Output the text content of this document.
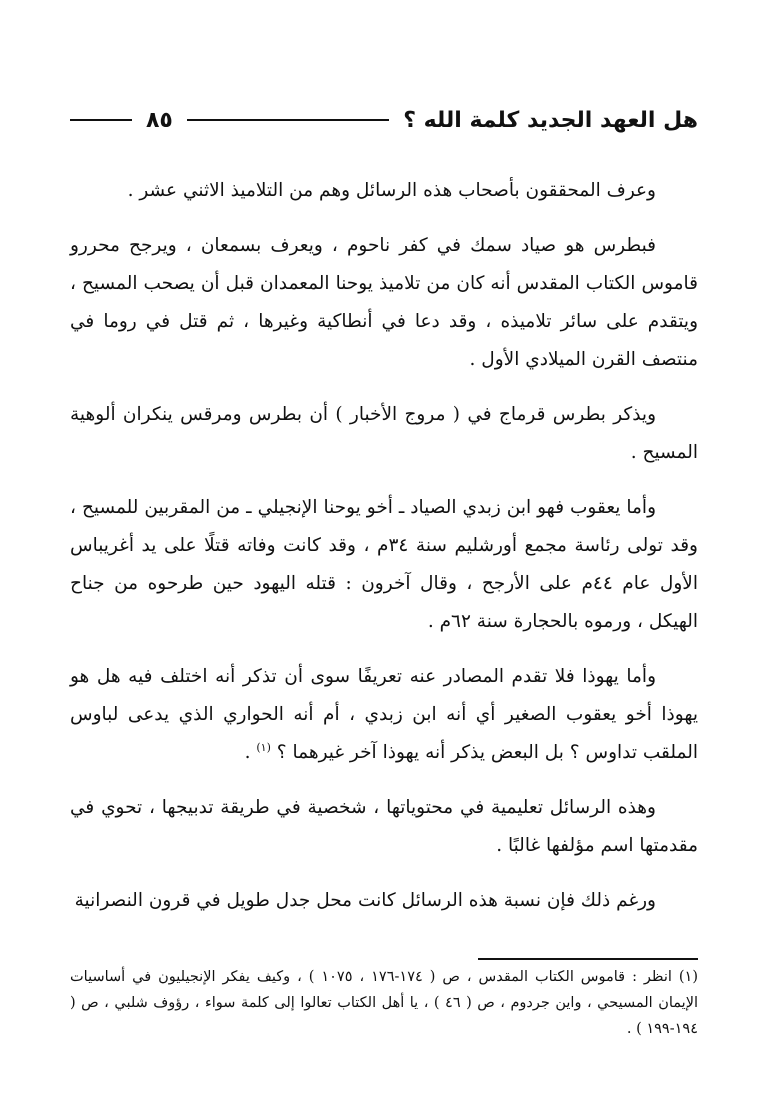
هل العهد الجديد كلمة الله ؟
٨٥

وعرف المحققون بأصحاب هذه الرسائل وهم من التلاميذ الاثني عشر .

فبطرس هو صياد سمك في كفر ناحوم ، ويعرف بسمعان ، ويرجح محررو قاموس الكتاب المقدس أنه كان من تلاميذ يوحنا المعمدان قبل أن يصحب المسيح ، ويتقدم على سائر تلاميذه ، وقد دعا في أنطاكية وغيرها ، ثم قتل في روما في منتصف القرن الميلادي الأول .

ويذكر بطرس قرماج في ( مروج الأخبار ) أن بطرس ومرقس ينكران ألوهية المسيح .

وأما يعقوب فهو ابن زبدي الصياد ـ أخو يوحنا الإنجيلي ـ من المقربين للمسيح ، وقد تولى رئاسة مجمع أورشليم سنة ٣٤م ، وقد كانت وفاته قتلًا على يد أغريباس الأول عام ٤٤م على الأرجح ، وقال آخرون : قتله اليهود حين طرحوه من جناح الهيكل ، ورموه بالحجارة سنة ٦٢م .

وأما يهوذا فلا تقدم المصادر عنه تعريفًا سوى أن تذكر أنه اختلف فيه هل هو يهوذا أخو يعقوب الصغير أي أنه ابن زبدي ، أم أنه الحواري الذي يدعى لباوس الملقب تداوس ؟ بل البعض يذكر أنه يهوذا آخر غيرهما ؟ $^{(١)}$ .

وهذه الرسائل تعليمية في محتوياتها ، شخصية في طريقة تدبيجها ، تحوي في مقدمتها اسم مؤلفها غالبًا .

ورغم ذلك فإن نسبة هذه الرسائل كانت محل جدل طويل في قرون النصرانية

(١) انظر : قاموس الكتاب المقدس ، ص ( ١٧٤-١٧٦ ، ١٠٧٥ ) ، وكيف يفكر الإنجيليون في أساسيات الإيمان المسيحي ، واين جردوم ، ص ( ٤٦ ) ، يا أهل الكتاب تعالوا إلى كلمة سواء ، رؤوف شلبي ، ص ( ١٩٤-١٩٩ ) .
